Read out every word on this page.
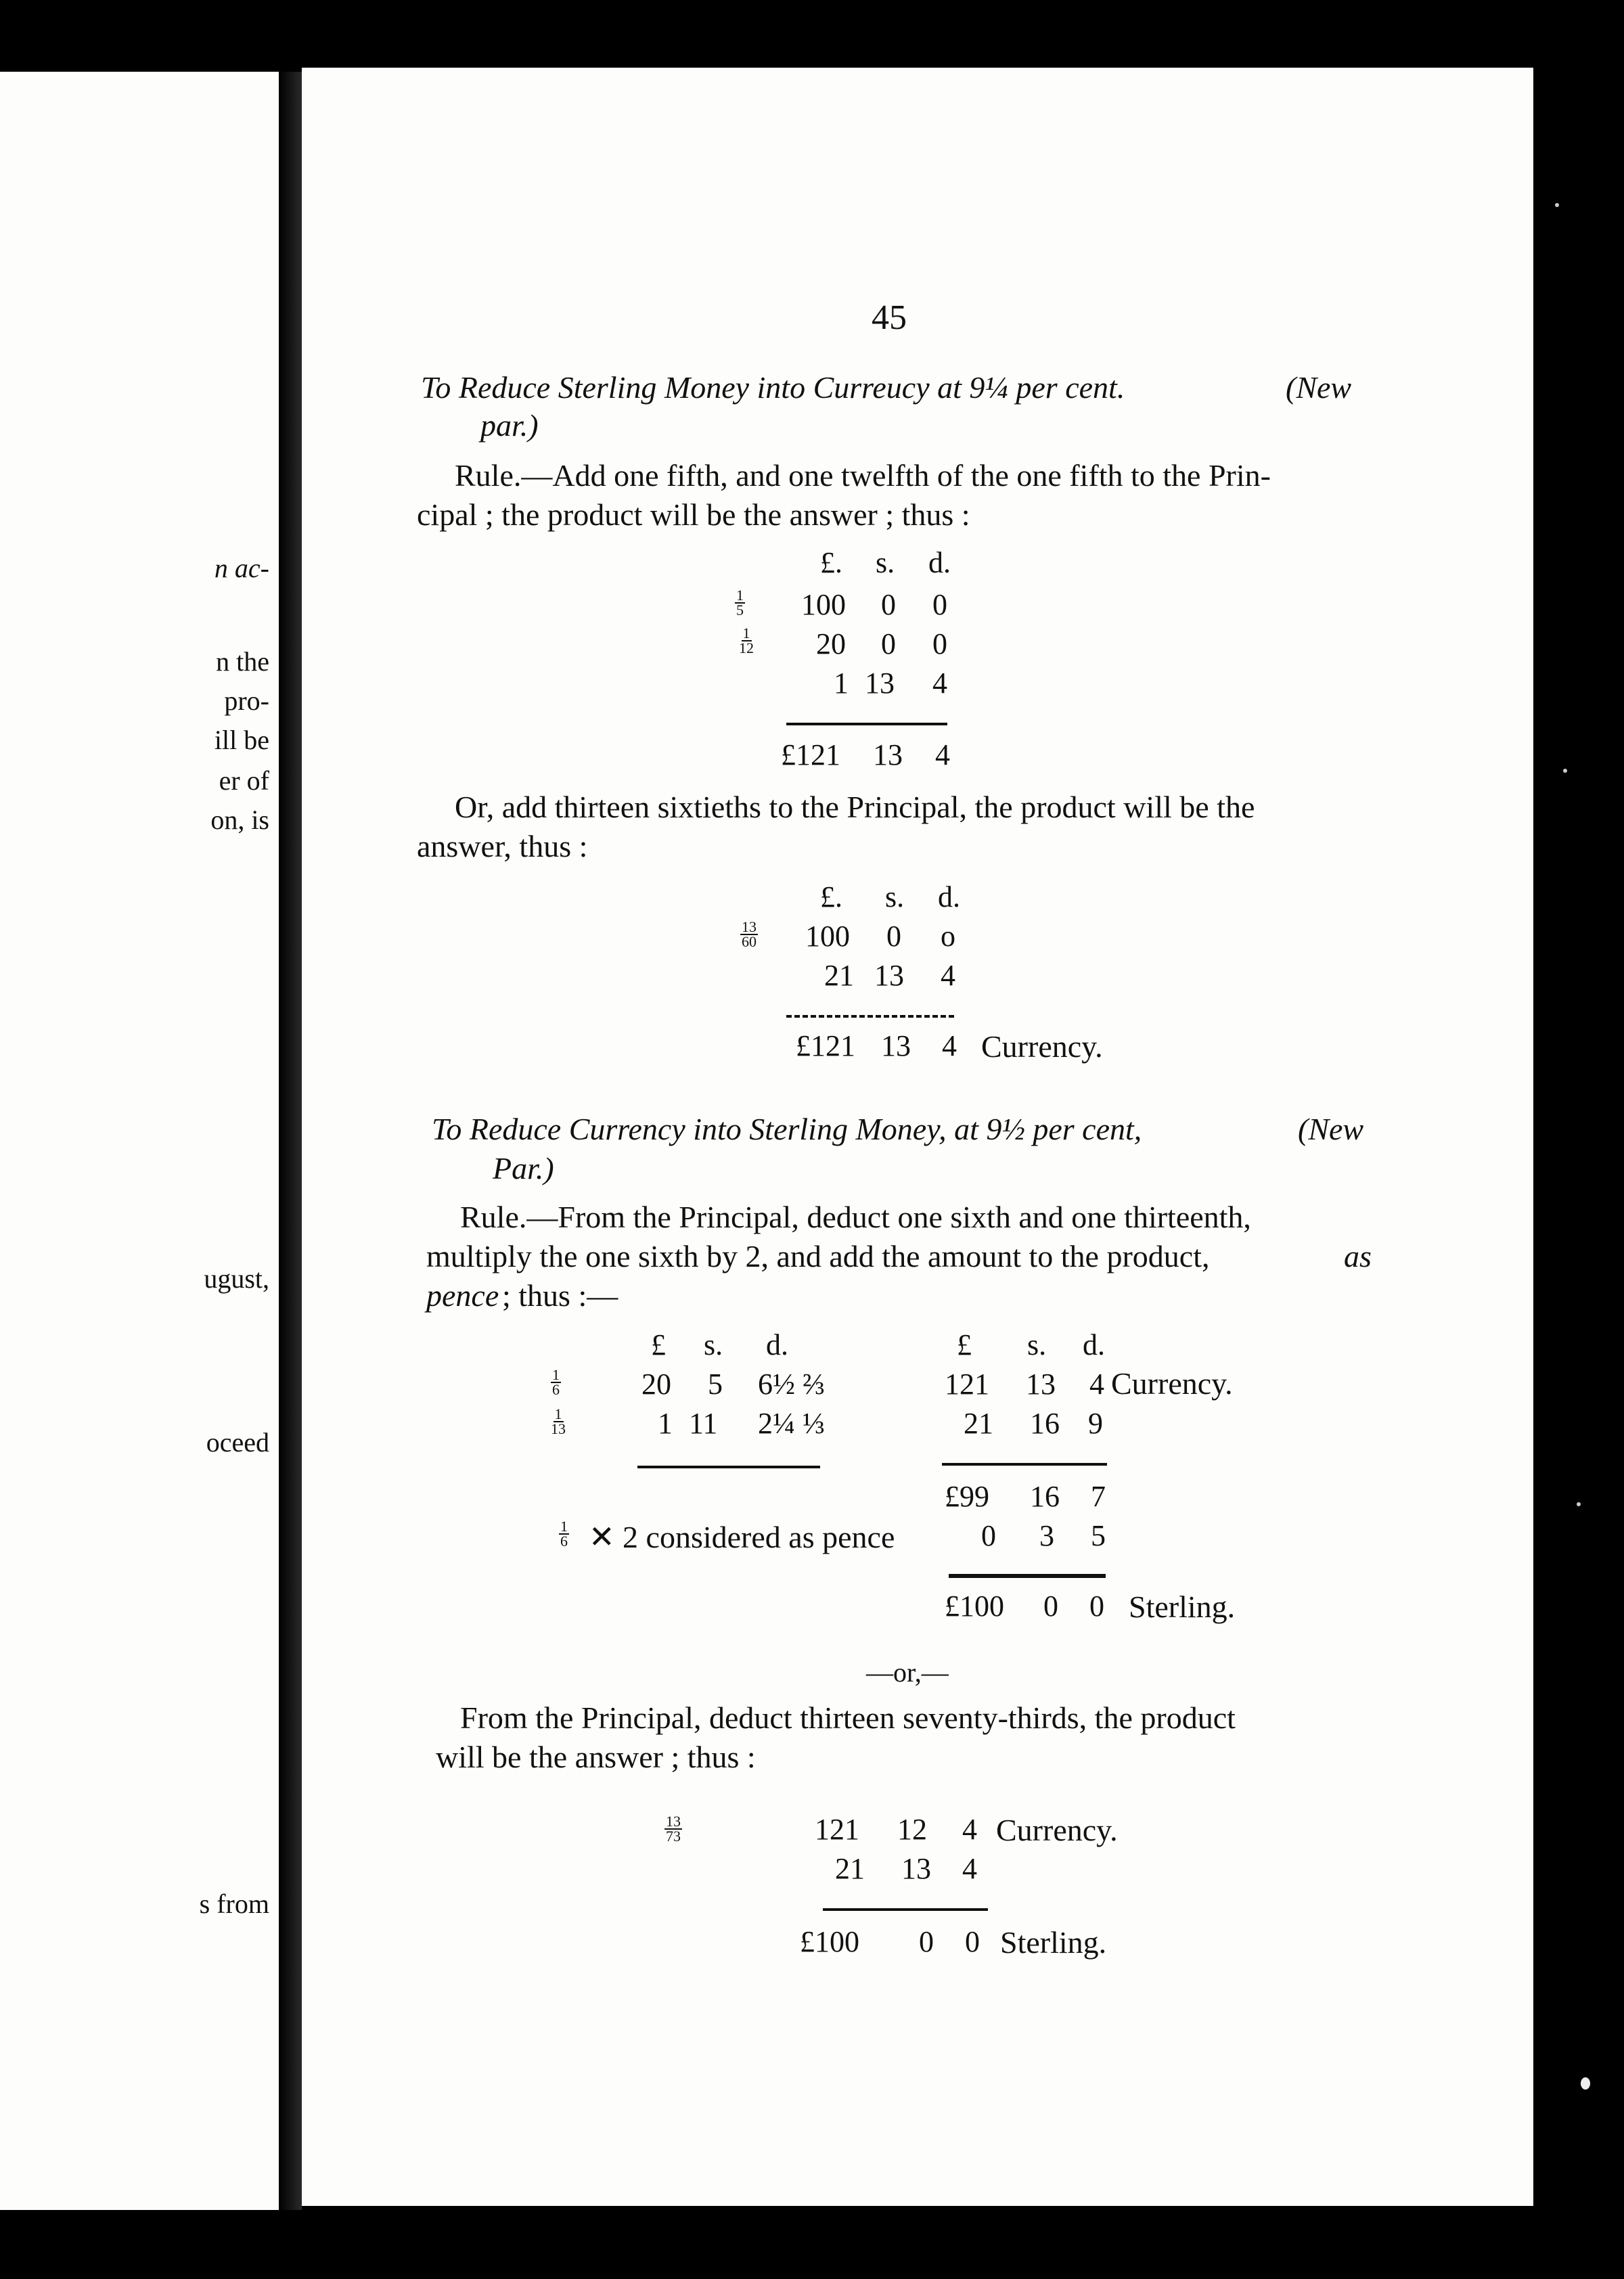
n ac-
n the
pro-
ill be
er of
on, is
ugust,
oceed
s from
45
To Reduce Sterling Money into Curreucy at 9¼ per cent.	(New
par.)
Rule.—Add one fifth, and one twelfth of the one fifth to the Prin-
cipal ; the product will be the answer ; thus :
£. s. d.
$\frac{1}{5} 100$ 0 0
$\frac{1}{12} 20$ 0 0
1 13 4
£121 13 4
Or, add thirteen sixtieths to the Principal, the product will be the
answer, thus :
£. s. d.
$\frac{13}{60} 100$ 0 o
21 13 4
£121 13 4 Currency.
To Reduce Currency into Sterling Money, at 9½ per cent,	(New
Par.)
Rule.—From the Principal, deduct one sixth and one thirteenth,
multiply the one sixth by 2, and add the amount to the product,	as
pence ; thus :—
£ s. d.
$\frac{1}{6}$	20 5 6½ ⅔
$\frac{1}{13}$	1 11 2¼ ⅓
£ s. d.
121 13 4 Currency.
21 16 9
£99 16 7
0 3 5
£100 0 0 Sterling.
$\frac{1}{6}$ ✕ 2 considered as pence
—or,—
From the Principal, deduct thirteen seventy-thirds, the product
will be the answer ; thus :
$\frac{13}{73}$	121 12 4 Currency.
21 13 4
£100 0 0 Sterling.
